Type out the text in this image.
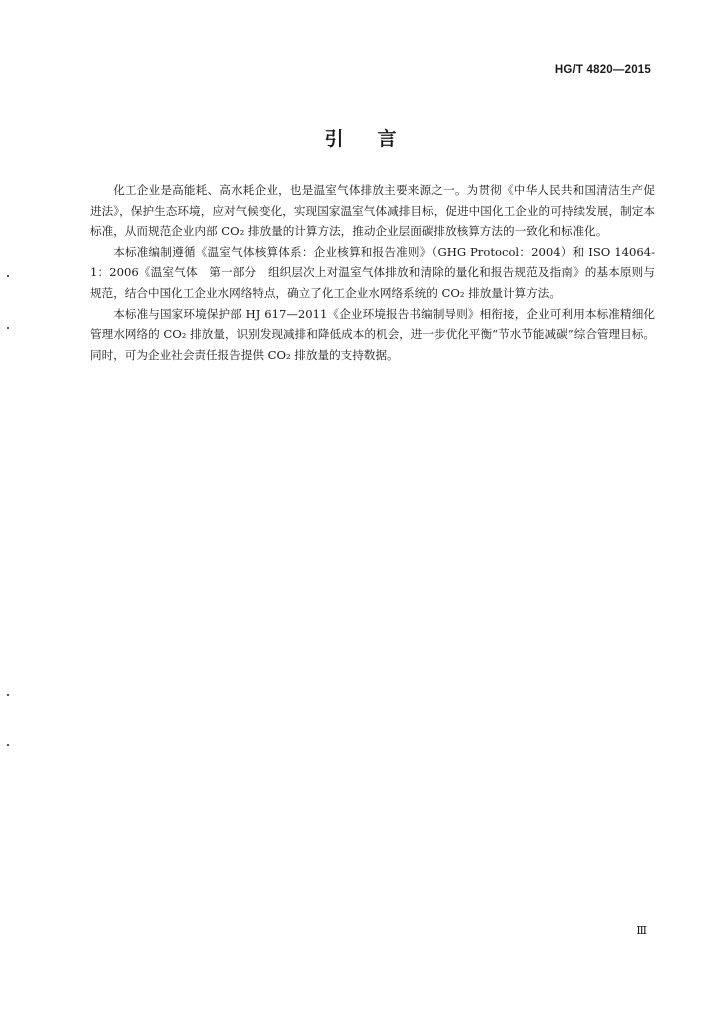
HG/T 4820—2015
引言

化工企业是高能耗、高水耗企业，也是温室气体排放主要来源之一。为贯彻《中华人民共和国清洁生产促进法》，保护生态环境，应对气候变化，实现国家温室气体减排目标，促进中国化工企业的可持续发展，制定本标准，从而规范企业内部 CO₂ 排放量的计算方法，推动企业层面碳排放核算方法的一致化和标准化。

本标准编制遵循《温室气体核算体系：企业核算和报告准则》（GHG Protocol：2004）和 ISO 14064-1：2006《温室气体　第一部分　组织层次上对温室气体排放和清除的量化和报告规范及指南》的基本原则与规范，结合中国化工企业水网络特点，确立了化工企业水网络系统的 CO₂ 排放量计算方法。

本标准与国家环境保护部 HJ 617—2011《企业环境报告书编制导则》相衔接，企业可利用本标准精细化管理水网络的 CO₂ 排放量，识别发现减排和降低成本的机会，进一步优化平衡“节水节能减碳”综合管理目标。同时，可为企业社会责任报告提供 CO₂ 排放量的支持数据。

Ⅲ
